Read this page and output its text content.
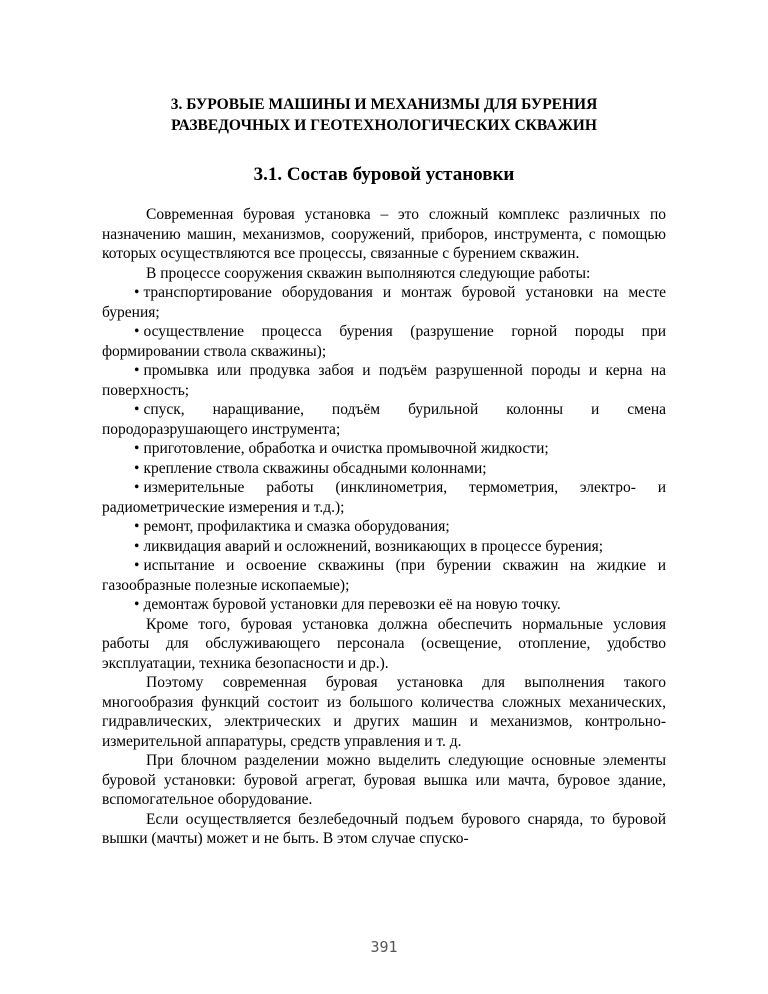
3. БУРОВЫЕ МАШИНЫ И МЕХАНИЗМЫ ДЛЯ БУРЕНИЯ
РАЗВЕДОЧНЫХ И ГЕОТЕХНОЛОГИЧЕСКИХ СКВАЖИН

3.1. Состав буровой установки

Современная буровая установка – это сложный комплекс различных по назначению машин, механизмов, сооружений, приборов, инструмента, с помощью которых осуществляются все процессы, связанные с бурением скважин.

В процессе сооружения скважин выполняются следующие работы:

• транспортирование оборудования и монтаж буровой установки на месте бурения;

• осуществление процесса бурения (разрушение горной породы при формировании ствола скважины);

• промывка или продувка забоя и подъём разрушенной породы и керна на поверхность;

• спуск, наращивание, подъём бурильной колонны и смена породоразрушающего инструмента;

• приготовление, обработка и очистка промывочной жидкости;

• крепление ствола скважины обсадными колоннами;

• измерительные работы (инклинометрия, термометрия, электро- и радиометрические измерения и т.д.);

• ремонт, профилактика и смазка оборудования;

• ликвидация аварий и осложнений, возникающих в процессе бурения;

• испытание и освоение скважины (при бурении скважин на жидкие и газообразные полезные ископаемые);

• демонтаж буровой установки для перевозки её на новую точку.

Кроме того, буровая установка должна обеспечить нормальные условия работы для обслуживающего персонала (освещение, отопление, удобство эксплуатации, техника безопасности и др.).

Поэтому современная буровая установка для выполнения такого многообразия функций состоит из большого количества сложных механических, гидравлических, электрических и других машин и механизмов, контрольно-измерительной аппаратуры, средств управления и т. д.

При блочном разделении можно выделить следующие основные элементы буровой установки: буровой агрегат, буровая вышка или мачта, буровое здание, вспомогательное оборудование.

Если осуществляется безлебедочный подъем бурового снаряда, то буровой вышки (мачты) может и не быть. В этом случае спуско-

391
